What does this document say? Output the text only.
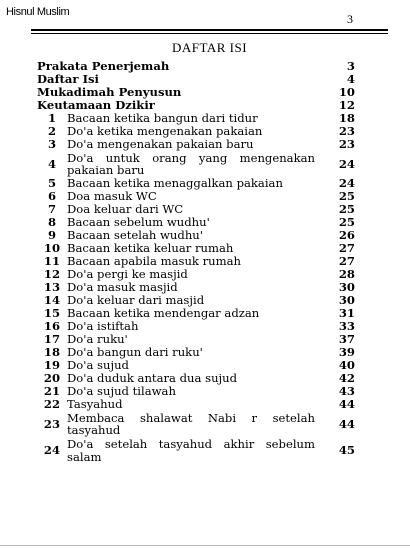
Hisnul Muslim	3
DAFTAR ISI
Prakata Penerjemah	3
Daftar Isi	4
Mukadimah Penyusun	10
Keutamaan Dzikir	12
1 Bacaan ketika bangun dari tidur	18
2 Do'a ketika mengenakan pakaian	23
3 Do'a mengenakan pakaian baru	23
4 Do'a untuk orang yang mengenakan pakaian baru	24
5 Bacaan ketika menaggalkan pakaian	24
6 Doa masuk WC	25
7 Doa keluar dari WC	25
8 Bacaan sebelum wudhu'	25
9 Bacaan setelah wudhu'	26
10 Bacaan ketika keluar rumah	27
11 Bacaan apabila masuk rumah	27
12 Do'a pergi ke masjid	28
13 Do'a masuk masjid	30
14 Do'a keluar dari masjid	30
15 Bacaan ketika mendengar adzan	31
16 Do'a istiftah	33
17 Do'a ruku'	37
18 Do'a bangun dari ruku'	39
19 Do'a sujud	40
20 Do'a duduk antara dua sujud	42
21 Do'a sujud tilawah	43
22 Tasyahud	44
23 Membaca shalawat Nabi r setelah tasyahud	44
24 Do'a setelah tasyahud akhir sebelum salam	45
